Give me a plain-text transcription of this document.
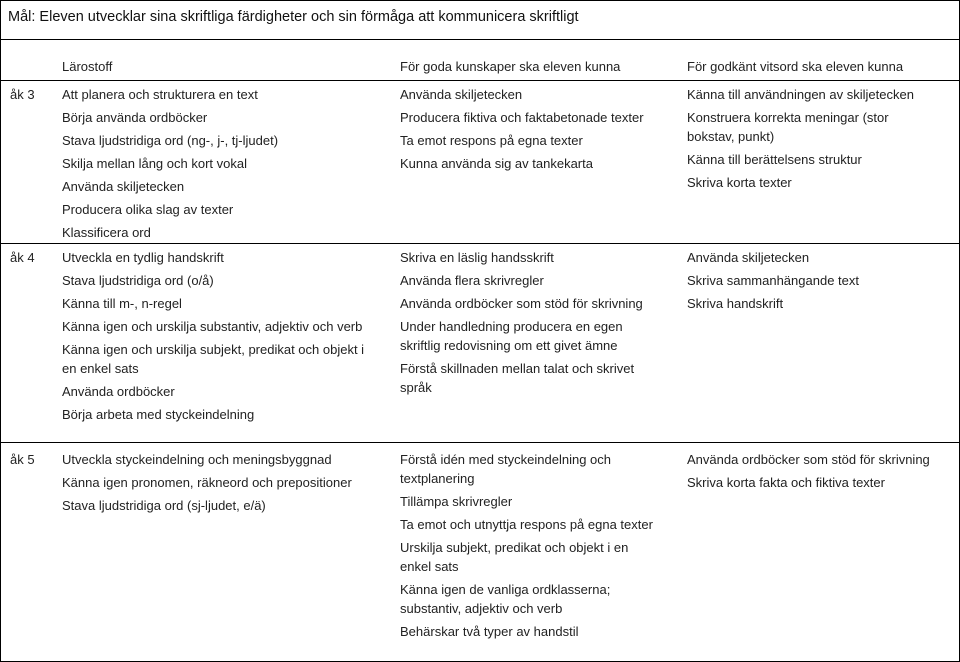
Mål: Eleven utvecklar sina skriftliga färdigheter och sin förmåga att kommunicera skriftligt
Lärostoff	För goda kunskaper ska eleven kunna	För godkänt vitsord ska eleven kunna
åk 3 Att planera och strukturera en text
Börja använda ordböcker
Stava ljudstridiga ord (ng-, j-, tj-ljudet)
Skilja mellan lång och kort vokal
Använda skiljetecken
Producera olika slag av texter
Klassificera ord
Använda skiljetecken
Producera fiktiva och faktabetonade texter
Ta emot respons på egna texter
Kunna använda sig av tankekarta
Känna till användningen av skiljetecken
Konstruera korrekta meningar (stor bokstav, punkt)
Känna till berättelsens struktur
Skriva korta texter
åk 4 Utveckla en tydlig handskrift
Stava ljudstridiga ord (o/å)
Känna till m-, n-regel
Känna igen och urskilja substantiv, adjektiv och verb
Känna igen och urskilja subjekt, predikat och objekt i en enkel sats
Använda ordböcker
Börja arbeta med styckeindelning
Skriva en läslig handsskrift
Använda flera skrivregler
Använda ordböcker som stöd för skrivning
Under handledning producera en egen skriftlig redovisning om ett givet ämne
Förstå skillnaden mellan talat och skrivet språk
Använda skiljetecken
Skriva sammanhängande text
Skriva handskrift
åk 5 Utveckla styckeindelning och meningsbyggnad
Känna igen pronomen, räkneord och prepositioner
Stava ljudstridiga ord (sj-ljudet, e/ä)
Förstå idén med styckeindelning och textplanering
Tillämpa skrivregler
Ta emot och utnyttja respons på egna texter
Urskilja subjekt, predikat och objekt i en enkel sats
Känna igen de vanliga ordklasserna; substantiv, adjektiv och verb
Behärskar två typer av handstil
Använda ordböcker som stöd för skrivning
Skriva korta fakta och fiktiva texter
